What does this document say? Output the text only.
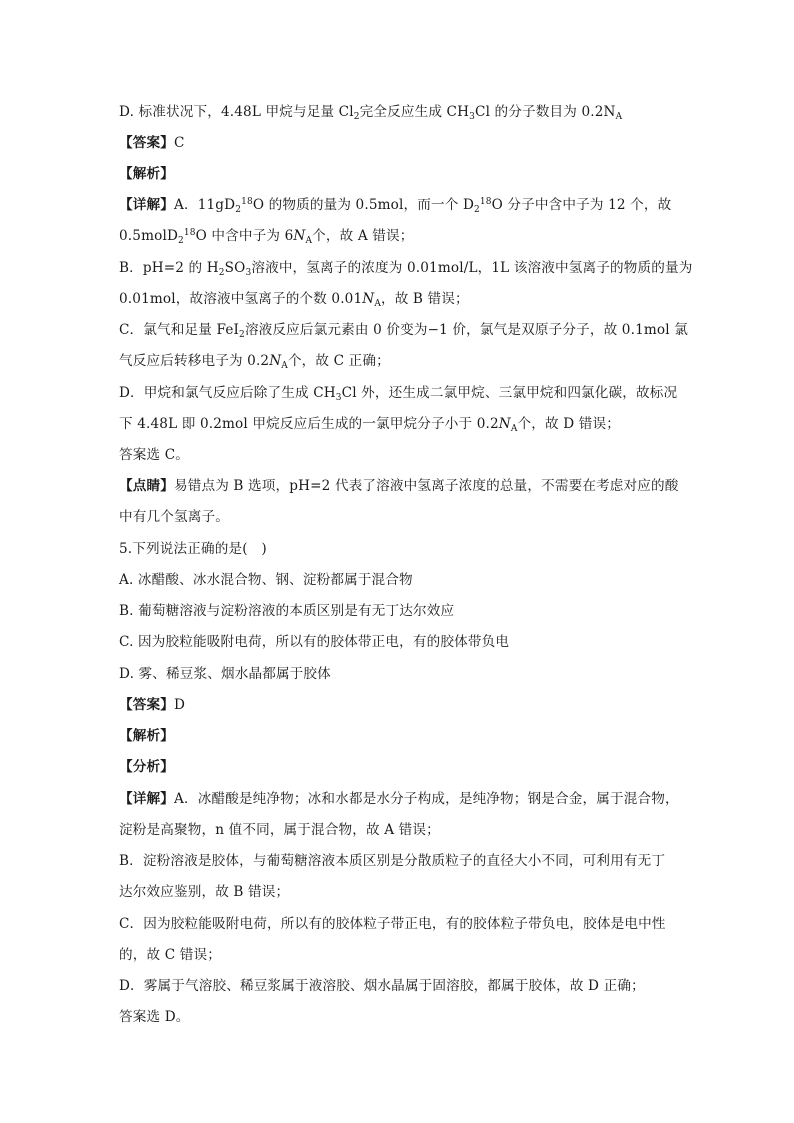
D. 标准状况下，4.48L 甲烷与足量 $Cl_2$完全反应生成 $CH_3Cl$ 的分子数目为 $0.2N_A$
【答案】C
【解析】
【详解】A．$11gD_2^{18}O$ 的物质的量为 0.5mol，而一个 $D_2^{18}O$ 分子中含中子为 12 个，故
0.5molD$_2^{18}$O 中含中子为 $6N_A$个，故 A 错误；
B．pH=2 的 $H_2SO_3$溶液中，氢离子的浓度为 0.01mol/L，1L 该溶液中氢离子的物质的量为
0.01mol，故溶液中氢离子的个数 $0.01N_A$，故 B 错误；
C．氯气和足量 FeI$_2$溶液反应后氯元素由 0 价变为−1 价，氯气是双原子分子，故 0.1mol 氯
气反应后转移电子为 $0.2N_A$个，故 C 正确；
D．甲烷和氯气反应后除了生成 $CH_3Cl$ 外，还生成二氯甲烷、三氯甲烷和四氯化碳，故标况
下 4.48L 即 0.2mol 甲烷反应后生成的一氯甲烷分子小于 $0.2N_A$个，故 D 错误；
答案选 C。
【点睛】易错点为 B 选项，pH=2 代表了溶液中氢离子浓度的总量，不需要在考虑对应的酸
中有几个氢离子。
5.下列说法正确的是(　)
A. 冰醋酸、冰水混合物、钢、淀粉都属于混合物
B. 葡萄糖溶液与淀粉溶液的本质区别是有无丁达尔效应
C. 因为胶粒能吸附电荷，所以有的胶体带正电，有的胶体带负电
D. 雾、稀豆浆、烟水晶都属于胶体
【答案】D
【解析】
【分析】
【详解】A．冰醋酸是纯净物；冰和水都是水分子构成，是纯净物；钢是合金，属于混合物，
淀粉是高聚物，n 值不同，属于混合物，故 A 错误；
B．淀粉溶液是胶体，与葡萄糖溶液本质区别是分散质粒子的直径大小不同，可利用有无丁
达尔效应鉴别，故 B 错误；
C．因为胶粒能吸附电荷，所以有的胶体粒子带正电，有的胶体粒子带负电，胶体是电中性
的，故 C 错误；
D．雾属于气溶胶、稀豆浆属于液溶胶、烟水晶属于固溶胶，都属于胶体，故 D 正确；
答案选 D。
